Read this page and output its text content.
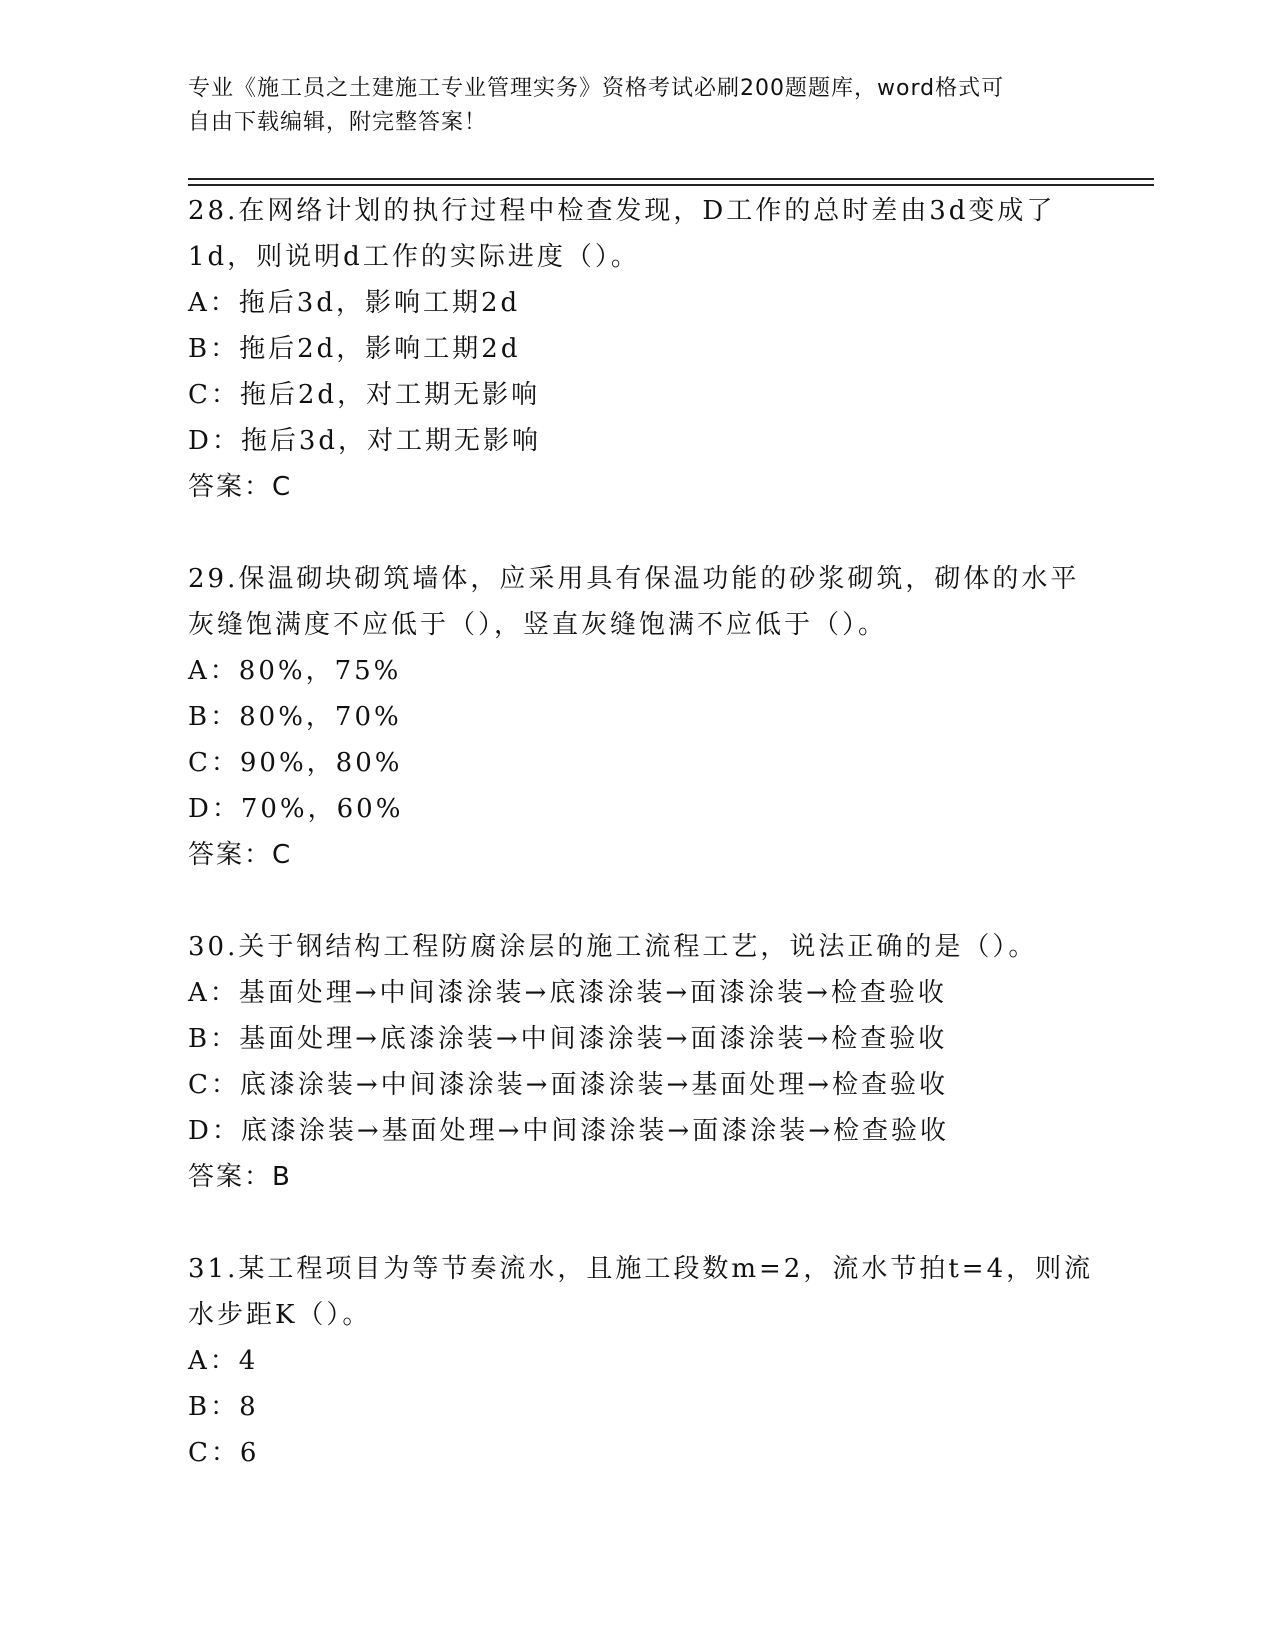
专业《施工员之土建施工专业管理实务》资格考试必刷200题题库，word格式可
自由下载编辑，附完整答案！
28.在网络计划的执行过程中检查发现，D工作的总时差由3d变成了
1d，则说明d工作的实际进度（）。
A：拖后3d，影响工期2d
B：拖后2d，影响工期2d
C：拖后2d，对工期无影响
D：拖后3d，对工期无影响
答案：C
29.保温砌块砌筑墙体，应采用具有保温功能的砂浆砌筑，砌体的水平
灰缝饱满度不应低于（），竖直灰缝饱满不应低于（）。
A：80%，75%
B：80%，70%
C：90%，80%
D：70%，60%
答案：C
30.关于钢结构工程防腐涂层的施工流程工艺，说法正确的是（）。
A：基面处理→中间漆涂装→底漆涂装→面漆涂装→检查验收
B：基面处理→底漆涂装→中间漆涂装→面漆涂装→检查验收
C：底漆涂装→中间漆涂装→面漆涂装→基面处理→检查验收
D：底漆涂装→基面处理→中间漆涂装→面漆涂装→检查验收
答案：B
31.某工程项目为等节奏流水，且施工段数m=2，流水节拍t=4，则流
水步距K（）。
A：4
B：8
C：6
